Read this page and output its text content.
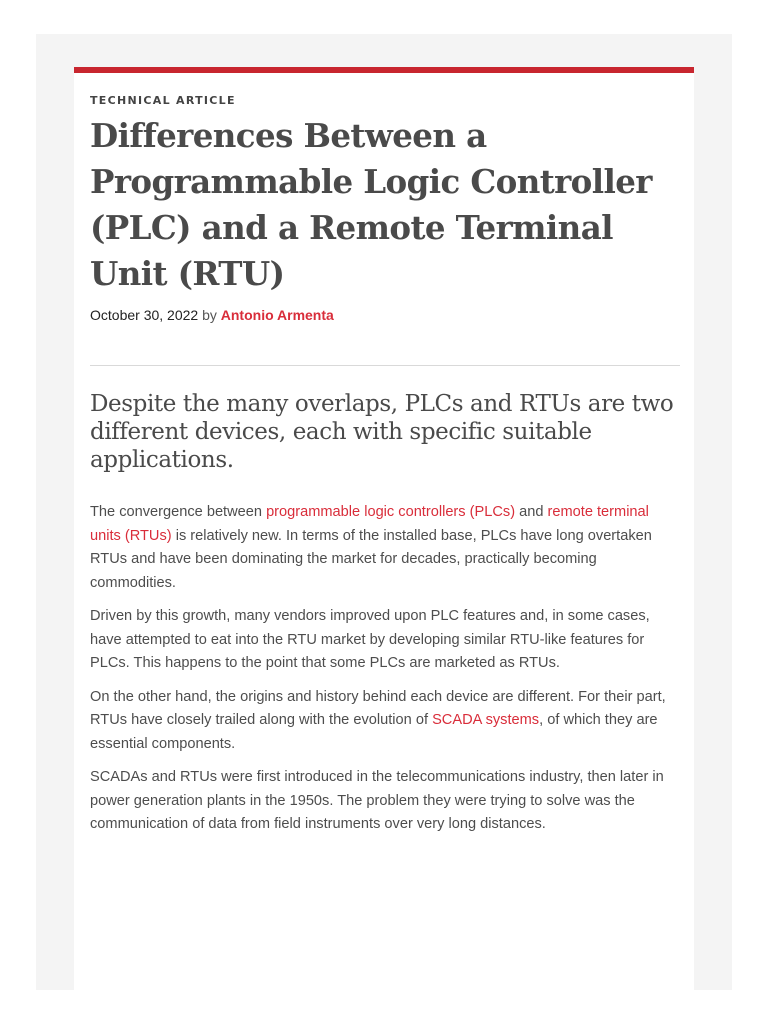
TECHNICAL ARTICLE
Differences Between a Programmable Logic Controller (PLC) and a Remote Terminal Unit (RTU)
October 30, 2022 by Antonio Armenta
Despite the many overlaps, PLCs and RTUs are two different devices, each with specific suitable applications.

The convergence between programmable logic controllers (PLCs) and remote terminal units (RTUs) is relatively new. In terms of the installed base, PLCs have long overtaken RTUs and have been dominating the market for decades, practically becoming commodities.

Driven by this growth, many vendors improved upon PLC features and, in some cases, have attempted to eat into the RTU market by developing similar RTU-like features for PLCs. This happens to the point that some PLCs are marketed as RTUs.

On the other hand, the origins and history behind each device are different. For their part, RTUs have closely trailed along with the evolution of SCADA systems, of which they are essential components.

SCADAs and RTUs were first introduced in the telecommunications industry, then later in power generation plants in the 1950s. The problem they were trying to solve was the communication of data from field instruments over very long distances.
